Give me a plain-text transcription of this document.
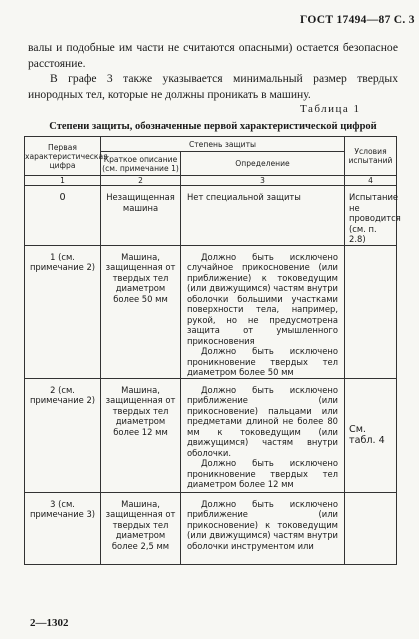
ГОСТ 17494—87 С. 3
валы и подобные им части не считаются опасными) остается безопасное расстояние.
В графе 3 также указывается минимальный размер твердых инородных тел, которые не должны проникать в машину.
Таблица 1
Степени защиты, обозначенные первой характеристической цифрой
Первая характеристическая цифра	Степень защиты		Условия испытаний
	Краткое описание (см. примечание 1)	Определение	
1	2	3	4
0	Незащищенная машина	Нет специальной защиты	Испытание не проводится (см. п. 2.8)
1 (см. примечание 2)	Машина, защищенная от твердых тел диаметром более 50 мм	Должно быть исключено случайное прикосновение (или приближение) к токоведущим (или движущимся) частям внутри оболочки большими участками поверхности тела, например, рукой, но не предусмотрена защита от умышленного прикосновения
Должно быть исключено проникновение твердых тел диаметром более 50 мм	

2 (см. примечание 2)	Машина, защищенная от твердых тел диаметром более 12 мм	Должно быть исключено приближение (или прикосновение) пальцами или предметами длиной не более 80 мм к токоведущим (или движущимся) частям внутри оболочки.
Должно быть исключено проникновение твердых тел диаметром более 12 мм	См. табл. 4
3 (см. примечание 3)	Машина, защищенная от твердых тел диаметром более 2,5 мм	Должно быть исключено приближение (или прикосновение) к токоведущим (или движущимся) частям внутри оболочки инструментом или	

2—1302
